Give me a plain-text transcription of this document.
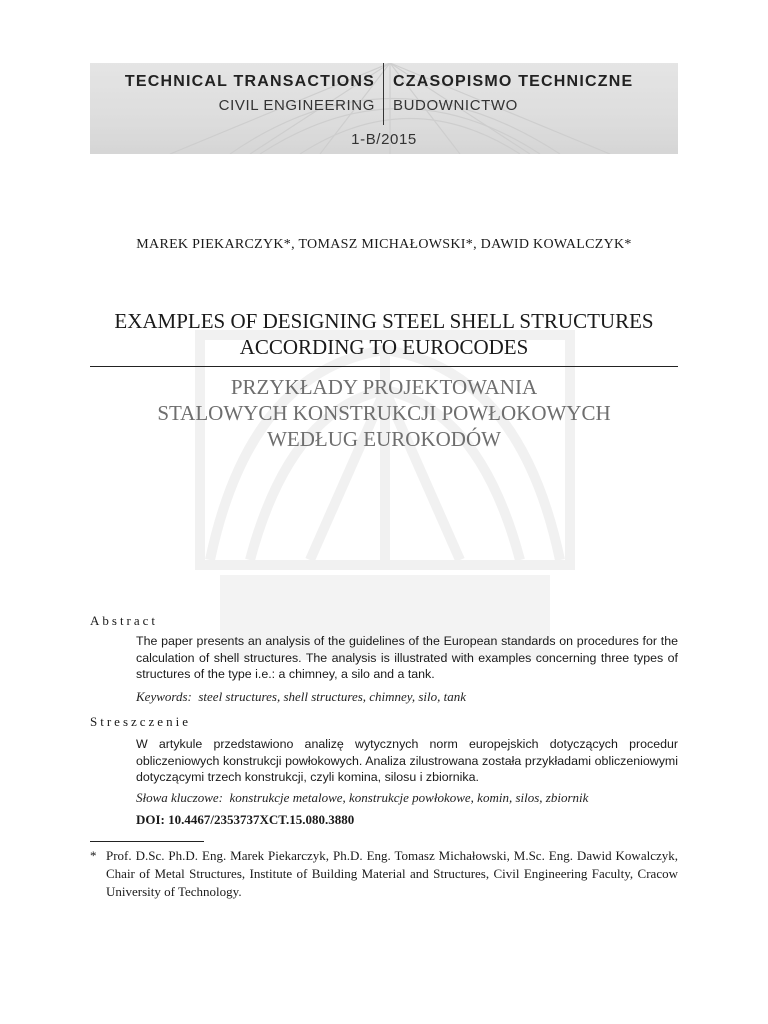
TECHNICAL TRANSACTIONS CZASOPISMO TECHNICZNE
CIVIL ENGINEERING BUDOWNICTWO
1-B/2015
MAREK PIEKARCZYK*, TOMASZ MICHAŁOWSKI*, DAWID KOWALCZYK*
EXAMPLES OF DESIGNING STEEL SHELL STRUCTURES
ACCORDING TO EUROCODES
PRZYKŁADY PROJEKTOWANIA
STALOWYCH KONSTRUKCJI POWŁOKOWYCH
WEDŁUG EUROKODÓW
Abstract
The paper presents an analysis of the guidelines of the European standards on procedures for the calculation of shell structures. The analysis is illustrated with examples concerning three types of structures of the type i.e.: a chimney, a silo and a tank.
Keywords: steel structures, shell structures, chimney, silo, tank
Streszczenie
W artykule przedstawiono analizę wytycznych norm europejskich dotyczących procedur obliczeniowych konstrukcji powłokowych. Analiza zilustrowana została przykładami obliczeniowymi dotyczącymi trzech konstrukcji, czyli komina, silosu i zbiornika.
Słowa kluczowe: konstrukcje metalowe, konstrukcje powłokowe, komin, silos, zbiornik
DOI: 10.4467/2353737XCT.15.080.3880
* Prof. D.Sc. Ph.D. Eng. Marek Piekarczyk, Ph.D. Eng. Tomasz Michałowski, M.Sc. Eng. Dawid Kowalczyk, Chair of Metal Structures, Institute of Building Material and Structures, Civil Engineering Faculty, Cracow University of Technology.
